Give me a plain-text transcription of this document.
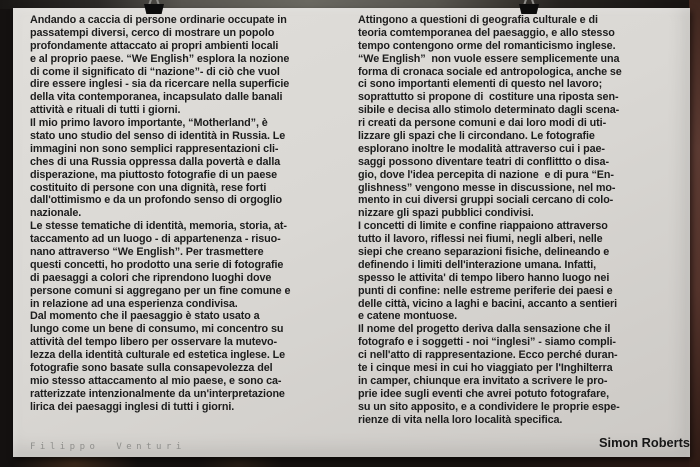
Andando a caccia di persone ordinarie occupate in
passatempi diversi, cerco di mostrare un popolo
profondamente attaccato ai propri ambienti locali
e al proprio paese. “We English” esplora la nozione
di come il significato di “nazione”- di ciò che vuol
dire essere inglesi - sia da ricercare nella superficie
della vita contemporanea, incapsulato dalle banali
attività e rituali di tutti i giorni.
Il mio primo lavoro importante, “Motherland”, è
stato uno studio del senso di identità in Russia. Le
immagini non sono semplici rappresentazioni cli-
ches di una Russia oppressa dalla povertà e dalla
disperazione, ma piuttosto fotografie di un paese
costituito di persone con una dignità, rese forti
dall'ottimismo e da un profondo senso di orgoglio
nazionale.
Le stesse tematiche di identità, memoria, storia, at-
taccamento ad un luogo - di appartenenza - risuo-
nano attraverso “We English”. Per trasmettere
questi concetti, ho prodotto una serie di fotografie
di paesaggi a colori che riprendono luoghi dove
persone comuni si aggregano per un fine comune e
in relazione ad una esperienza condivisa.
Dal momento che il paesaggio è stato usato a
lungo come un bene di consumo, mi concentro su
attività del tempo libero per osservare la mutevo-
lezza della identità culturale ed estetica inglese. Le
fotografie sono basate sulla consapevolezza del
mio stesso attaccamento al mio paese, e sono ca-
ratterizzate intenzionalmente da un'interpretazione
lirica dei paesaggi inglesi di tutti i giorni.
Attingono a questioni di geografia culturale e di
teoria comtemporanea del paesaggio, e allo stesso
tempo contengono orme del romanticismo inglese.
“We English”  non vuole essere semplicemente una
forma di cronaca sociale ed antropologica, anche se
ci sono importanti elementi di questo nel lavoro;
soprattutto si propone di  costiture una riposta sen-
sibile e decisa allo stimolo determinato dagli scena-
ri creati da persone comuni e dai loro modi di uti-
lizzare gli spazi che li circondano. Le fotografie
esplorano inoltre le modalità attraverso cui i pae-
saggi possono diventare teatri di conflittto o disa-
gio, dove l'idea percepita di nazione  e di pura “En-
glishness” vengono messe in discussione, nel mo-
mento in cui diversi gruppi sociali cercano di colo-
nizzare gli spazi pubblici condivisi.
I concetti di limite e confine riappaiono attraverso
tutto il lavoro, riflessi nei fiumi, negli alberi, nelle
siepi che creano separazioni fisiche, delineando e
definendo i limiti dell'interazione umana. Infatti,
spesso le attivita' di tempo libero hanno luogo nei
punti di confine: nelle estreme periferie dei paesi e
delle città, vicino a laghi e bacini, accanto a sentieri
e catene montuose.
Il nome del progetto deriva dalla sensazione che il
fotografo e i soggetti - noi “inglesi” - siamo compli-
ci nell'atto di rappresentazione. Ecco perché duran-
te i cinque mesi in cui ho viaggiato per l'Inghilterra
in camper, chiunque era invitato a scrivere le pro-
prie idee sugli eventi che avrei potuto fotografare,
su un sito apposito, e a condividere le proprie espe-
rienze di vita nella loro località specifica.
Simon Roberts
Filippo Venturi
